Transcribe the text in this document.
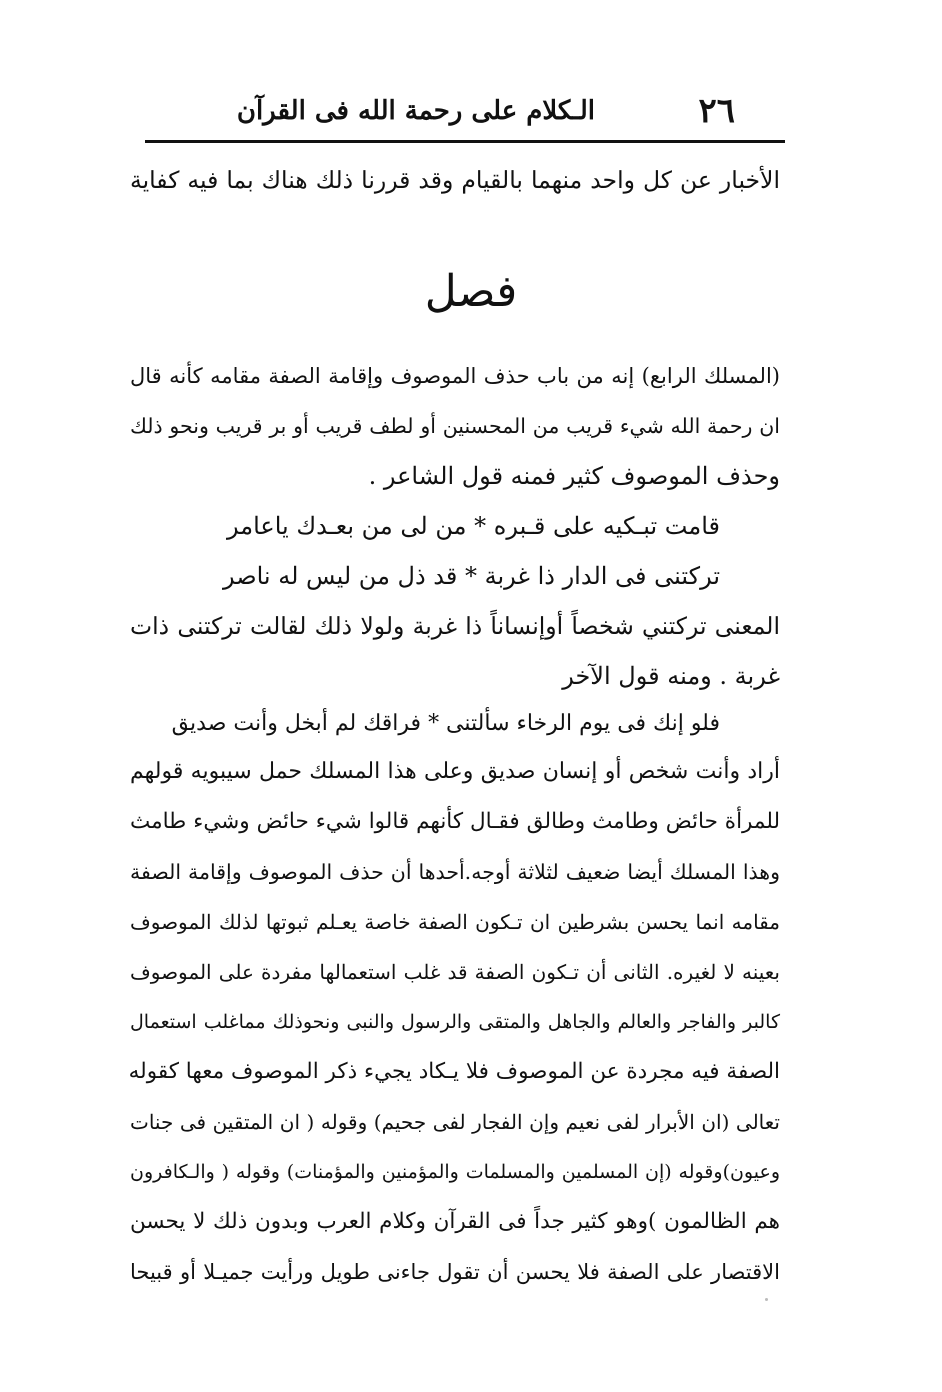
٢٦
الـكلام على رحمة الله فى القرآن
الأخبار عن كل واحد منهما بالقيام وقد قررنا ذلك هناك بما فيه كفاية
فصل
(المسلك الرابع) إنه من باب حذف الموصوف وإقامة الصفة مقامه كأنه قال
ان رحمة الله شيء قريب من المحسنين أو لطف قريب أو بر قريب ونحو ذلك
وحذف الموصوف كثير فمنه قول الشاعر .
قامت تبـكيه على قـبره * من لى من بعـدك ياعامر
تركتنى فى الدار ذا غربة * قد ذل من ليس له ناصر
المعنى تركتني شخصاً أوإنساناً ذا غربة ولولا ذلك لقالت تركتنى ذات
غربة . ومنه قول الآخر
فلو إنك فى يوم الرخاء سألتنى * فراقك لم أبخل وأنت صديق
أراد وأنت شخص أو إنسان صديق وعلى هذا المسلك حمل سيبويه قولهم
للمرأة حائض وطامث وطالق فقـال كأنهم قالوا شيء حائض وشيء طامث
وهذا المسلك أيضا ضعيف لثلاثة أوجه.أحدها أن حذف الموصوف وإقامة الصفة
مقامه انما يحسن بشرطين ان تـكون الصفة خاصة يعـلم ثبوتها لذلك الموصوف
بعينه لا لغيره. الثانى أن تـكون الصفة قد غلب استعمالها مفردة على الموصوف
كالبر والفاجر والعالم والجاهل والمتقى والرسول والنبى ونحوذلك مماغلب استعمال
الصفة فيه مجردة عن الموصوف فلا يـكاد يجيء ذكر الموصوف معها كقوله
تعالى (ان الأبرار لفى نعيم وإن الفجار لفى جحيم) وقوله ( ان المتقين فى جنات
وعيون)وقوله (إن المسلمين والمسلمات والمؤمنين والمؤمنات) وقوله ( والـكافرون
هم الظالمون )وهو كثير جداً فى القرآن وكلام العرب وبدون ذلك لا يحسن
الاقتصار على الصفة فلا يحسن أن تقول جاءنى طويل ورأيت جميـلا أو قبيحا
